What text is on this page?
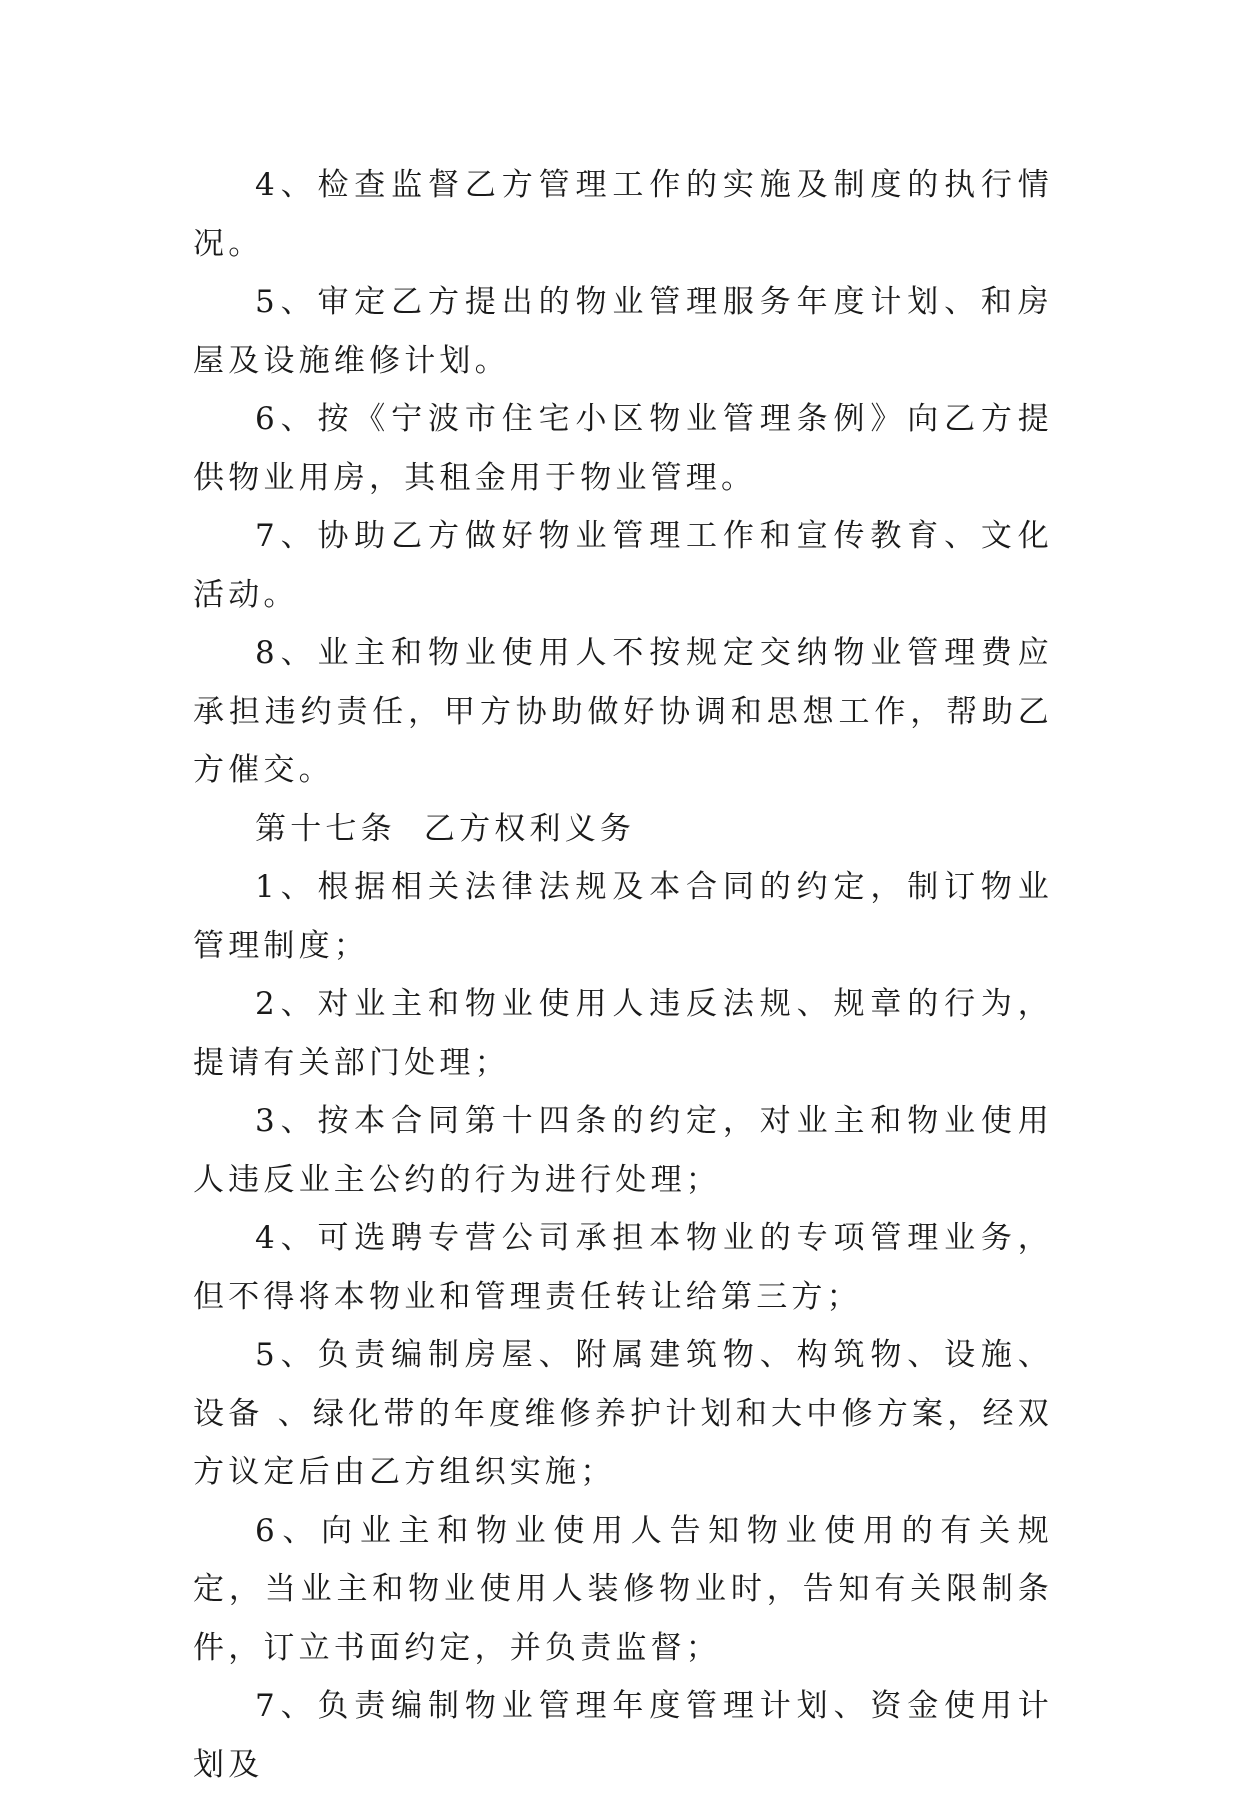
4、检查监督乙方管理工作的实施及制度的执行情况。

5、审定乙方提出的物业管理服务年度计划、和房屋及设施维修计划。

6、按《宁波市住宅小区物业管理条例》向乙方提供物业用房，其租金用于物业管理。

7、协助乙方做好物业管理工作和宣传教育、文化活动。

8、业主和物业使用人不按规定交纳物业管理费应承担违约责任，甲方协助做好协调和思想工作，帮助乙方催交。

第十七条  乙方权利义务

1、根据相关法律法规及本合同的约定，制订物业管理制度；

2、对业主和物业使用人违反法规、规章的行为，提请有关部门处理；

3、按本合同第十四条的约定，对业主和物业使用人违反业主公约的行为进行处理；

4、可选聘专营公司承担本物业的专项管理业务，但不得将本物业和管理责任转让给第三方；

5、负责编制房屋、附属建筑物、构筑物、设施、设备 、绿化带的年度维修养护计划和大中修方案，经双方议定后由乙方组织实施；

6、向业主和物业使用人告知物业使用的有关规定，当业主和物业使用人装修物业时，告知有关限制条件，订立书面约定，并负责监督；

7、负责编制物业管理年度管理计划、资金使用计划及
